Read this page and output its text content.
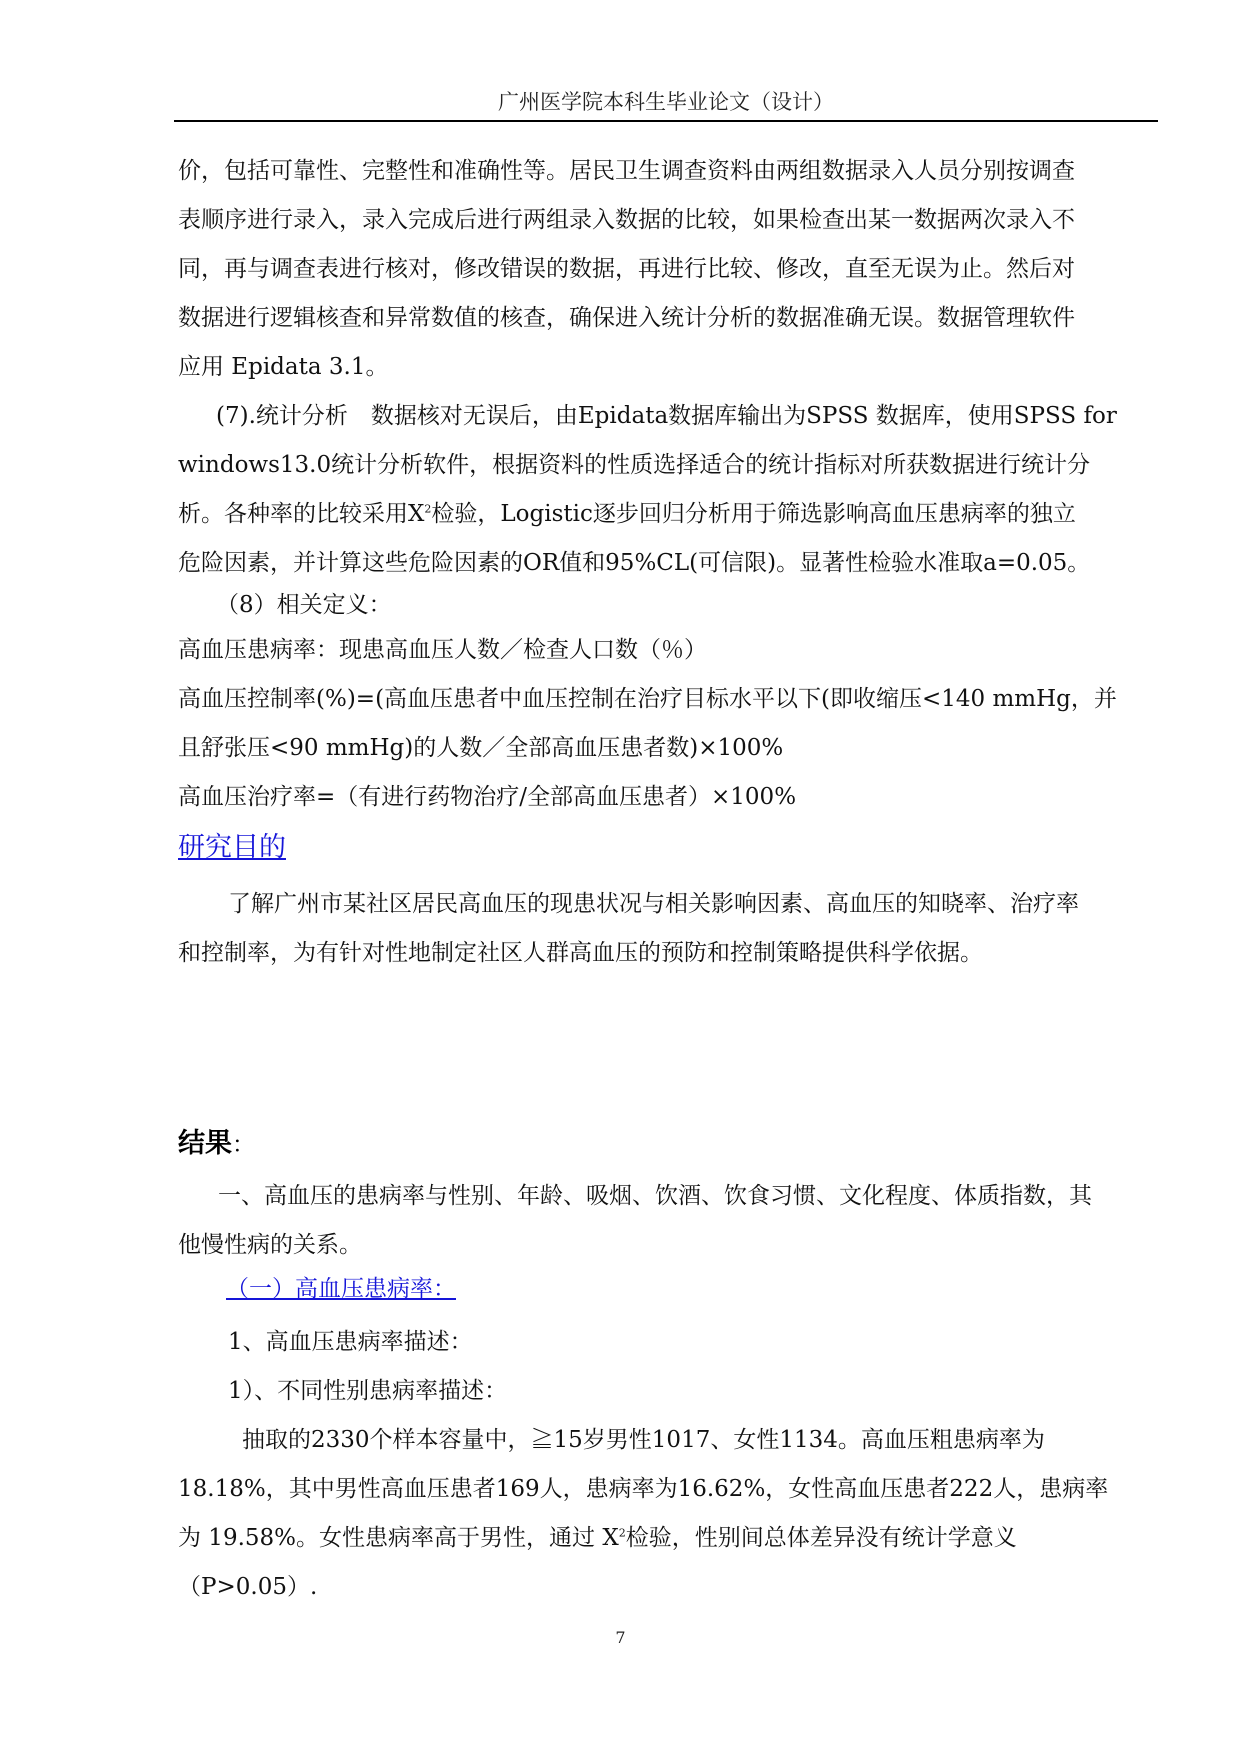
广州医学院本科生毕业论文（设计）
价，包括可靠性、完整性和准确性等。居民卫生调查资料由两组数据录入人员分别按调查
表顺序进行录入，录入完成后进行两组录入数据的比较，如果检查出某一数据两次录入不
同，再与调查表进行核对，修改错误的数据，再进行比较、修改，直至无误为止。然后对
数据进行逻辑核查和异常数值的核查，确保进入统计分析的数据准确无误。数据管理软件
应用 Epidata 3.1。
(7).统计分析　数据核对无误后，由Epidata数据库输出为SPSS 数据库，使用SPSS for
windows13.0统计分析软件，根据资料的性质选择适合的统计指标对所获数据进行统计分
析。各种率的比较采用$X^2$检验，Logistic逐步回归分析用于筛选影响高血压患病率的独立
危险因素，并计算这些危险因素的OR值和95%CL(可信限)。显著性检验水准取a=0.05。
（8）相关定义：
高血压患病率：现患高血压人数／检查人口数（％）
高血压控制率(%)=(高血压患者中血压控制在治疗目标水平以下(即收缩压<140 mmHg，并
且舒张压<90 mmHg)的人数／全部高血压患者数)×100%
高血压治疗率=（有进行药物治疗/全部高血压患者）×100%
研究目的
了解广州市某社区居民高血压的现患状况与相关影响因素、高血压的知晓率、治疗率
和控制率，为有针对性地制定社区人群高血压的预防和控制策略提供科学依据。
结果：
一、高血压的患病率与性别、年龄、吸烟、饮酒、饮食习惯、文化程度、体质指数，其
他慢性病的关系。
（一）高血压患病率：
1、高血压患病率描述：
1）、不同性别患病率描述：
抽取的2330个样本容量中，≧15岁男性1017、女性1134。高血压粗患病率为
18.18%，其中男性高血压患者169人，患病率为16.62%，女性高血压患者222人，患病率
为 19.58%。女性患病率高于男性，通过 $X^2$检验，性别间总体差异没有统计学意义
（P>0.05）.
7
